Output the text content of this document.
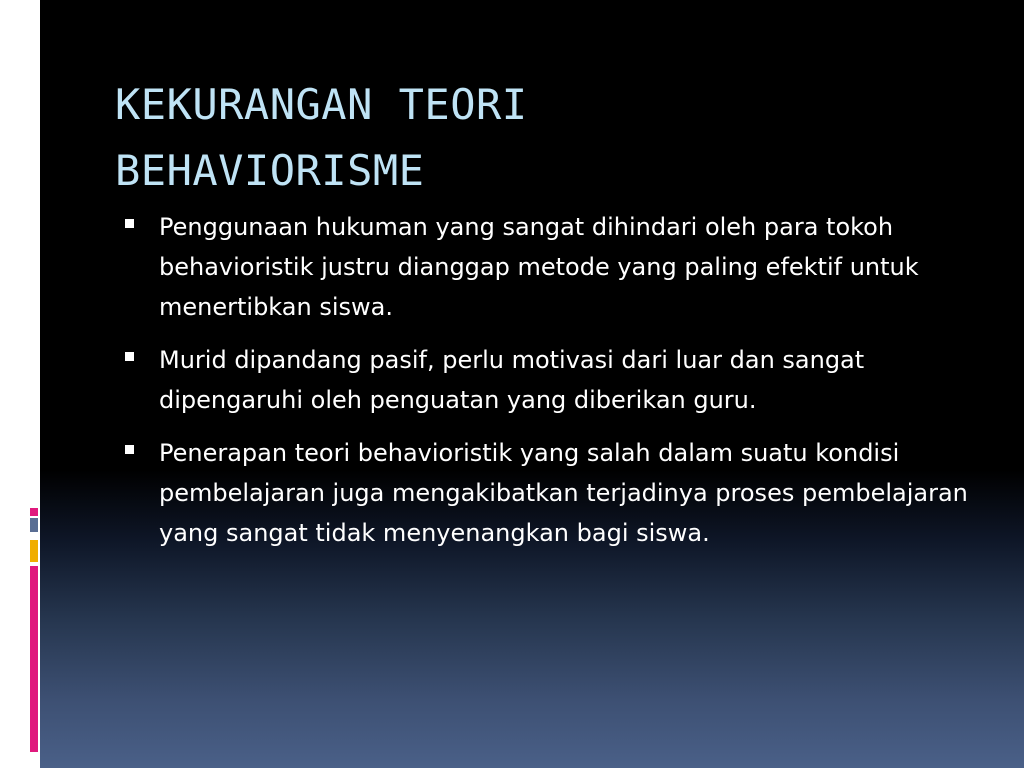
KEKURANGAN TEORI
BEHAVIORISME
Penggunaan hukuman yang sangat dihindari oleh para tokoh behavioristik justru dianggap metode yang paling efektif untuk menertibkan siswa.
Murid dipandang pasif, perlu motivasi dari luar dan sangat dipengaruhi oleh penguatan yang diberikan guru.
Penerapan teori behavioristik yang salah dalam suatu kondisi pembelajaran juga mengakibatkan terjadinya proses pembelajaran yang sangat tidak menyenangkan bagi siswa.
